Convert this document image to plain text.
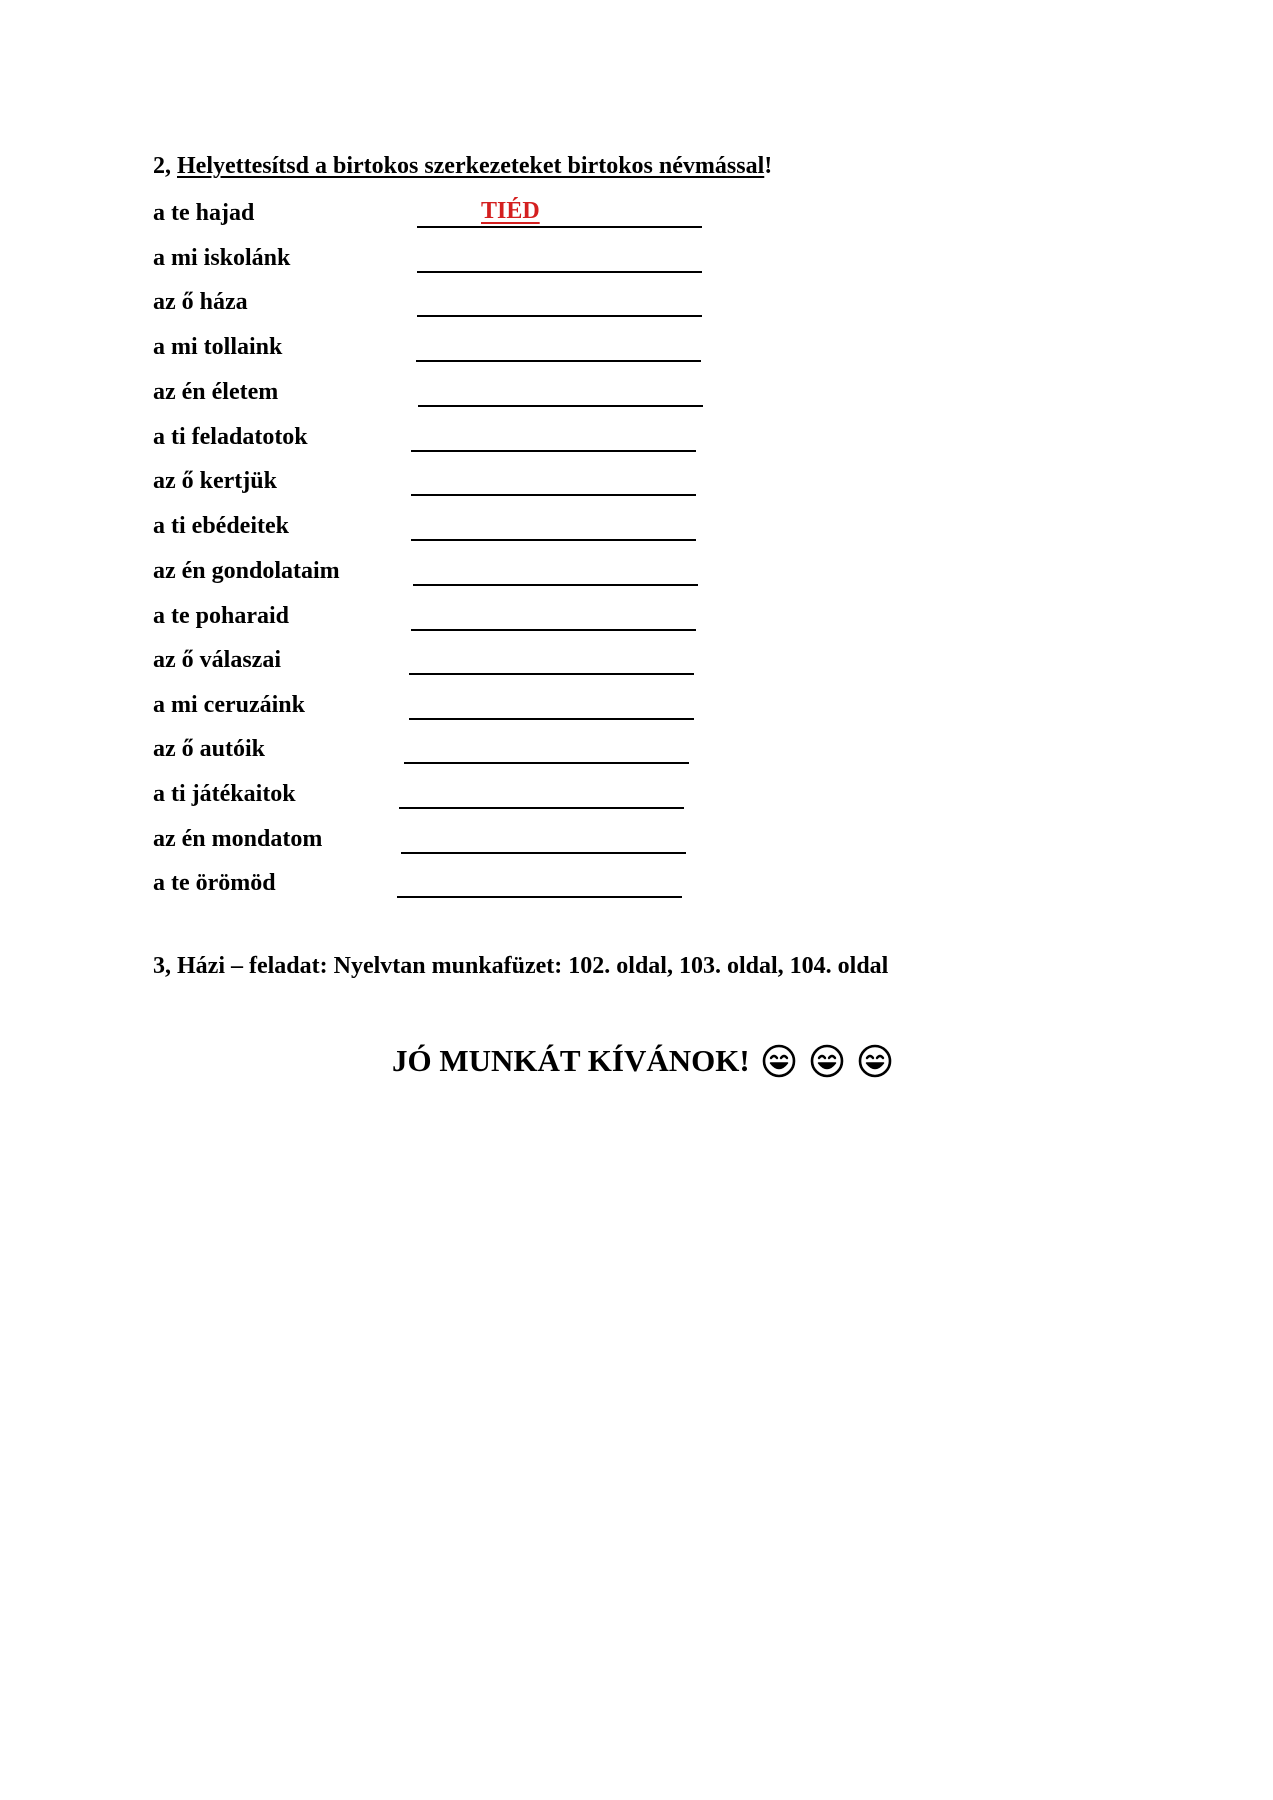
2, Helyettesítsd a birtokos szerkezeteket birtokos névmással!
a te hajad	TIÉD
a mi iskolánk
az ő háza
a mi tollaink
az én életem
a ti feladatotok
az ő kertjük
a ti ebédeitek
az én gondolataim
a te poharaid
az ő válaszai
a mi ceruzáink
az ő autóik
a ti játékaitok
az én mondatom
a te örömöd
3, Házi – feladat: Nyelvtan munkafüzet: 102. oldal, 103. oldal, 104. oldal
JÓ MUNKÁT KÍVÁNOK!
